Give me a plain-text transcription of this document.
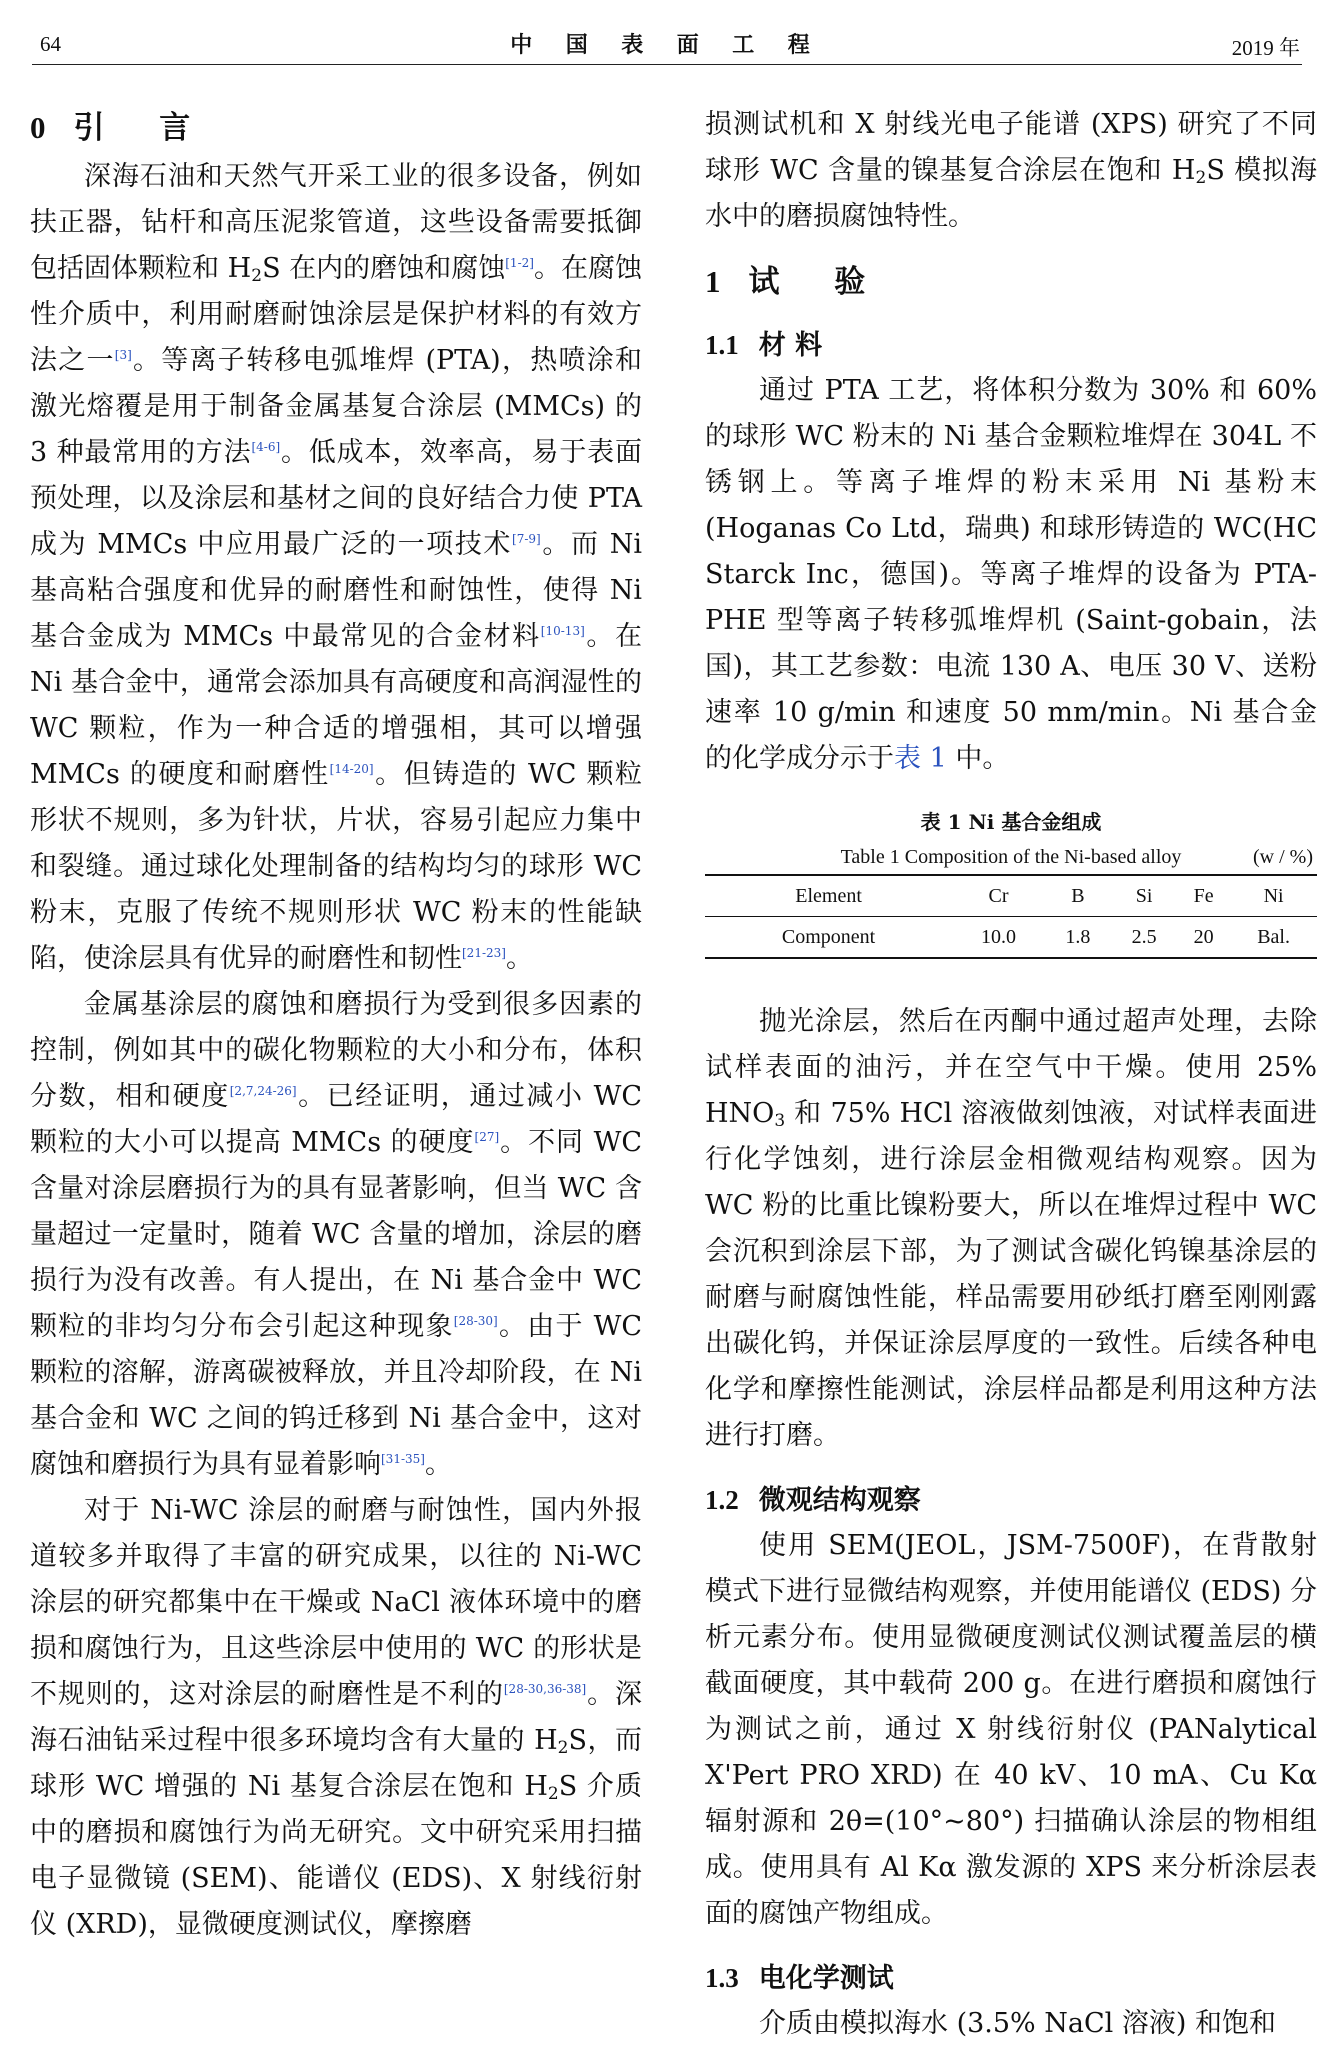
64	中 国 表 面 工 程	2019 年
0 引 言

深海石油和天然气开采工业的很多设备，例如扶正器，钻杆和高压泥浆管道，这些设备需要抵御包括固体颗粒和 $H_2S$ 在内的磨蚀和腐蚀[1-2]。在腐蚀性介质中，利用耐磨耐蚀涂层是保护材料的有效方法之一[3]。等离子转移电弧堆焊 (PTA)，热喷涂和激光熔覆是用于制备金属基复合涂层 (MMCs) 的 3 种最常用的方法[4-6]。低成本，效率高，易于表面预处理，以及涂层和基材之间的良好结合力使 PTA 成为 MMCs 中应用最广泛的一项技术[7-9]。而 Ni 基高粘合强度和优异的耐磨性和耐蚀性，使得 Ni 基合金成为 MMCs 中最常见的合金材料[10-13]。在 Ni 基合金中，通常会添加具有高硬度和高润湿性的 WC 颗粒，作为一种合适的增强相，其可以增强 MMCs 的硬度和耐磨性[14-20]。但铸造的 WC 颗粒形状不规则，多为针状，片状，容易引起应力集中和裂缝。通过球化处理制备的结构均匀的球形 WC 粉末，克服了传统不规则形状 WC 粉末的性能缺陷，使涂层具有优异的耐磨性和韧性[21-23]。

金属基涂层的腐蚀和磨损行为受到很多因素的控制，例如其中的碳化物颗粒的大小和分布，体积分数，相和硬度[2,7,24-26]。已经证明，通过减小 WC 颗粒的大小可以提高 MMCs 的硬度[27]。不同 WC 含量对涂层磨损行为的具有显著影响，但当 WC 含量超过一定量时，随着 WC 含量的增加，涂层的磨损行为没有改善。有人提出，在 Ni 基合金中 WC 颗粒的非均匀分布会引起这种现象[28-30]。由于 WC 颗粒的溶解，游离碳被释放，并且冷却阶段，在 Ni 基合金和 WC 之间的钨迁移到 Ni 基合金中，这对腐蚀和磨损行为具有显着影响[31-35]。

对于 Ni-WC 涂层的耐磨与耐蚀性，国内外报道较多并取得了丰富的研究成果，以往的 Ni-WC 涂层的研究都集中在干燥或 NaCl 液体环境中的磨损和腐蚀行为，且这些涂层中使用的 WC 的形状是不规则的，这对涂层的耐磨性是不利的[28-30,36-38]。深海石油钻采过程中很多环境均含有大量的 $H_2S$，而球形 WC 增强的 Ni 基复合涂层在饱和 $H_2S$ 介质中的磨损和腐蚀行为尚无研究。文中研究采用扫描电子显微镜 (SEM)、能谱仪 (EDS)、X 射线衍射仪 (XRD)，显微硬度测试仪，摩擦磨

损测试机和 X 射线光电子能谱 (XPS) 研究了不同球形 WC 含量的镍基复合涂层在饱和 $H_2S$ 模拟海水中的磨损腐蚀特性。

1 试 验
1.1 材 料

通过 PTA 工艺，将体积分数为 30% 和 60% 的球形 WC 粉末的 Ni 基合金颗粒堆焊在 304L 不锈钢上。等离子堆焊的粉末采用 Ni 基粉末 (Hoganas Co Ltd，瑞典) 和球形铸造的 WC(HC Starck Inc，德国)。等离子堆焊的设备为 PTA-PHE 型等离子转移弧堆焊机 (Saint-gobain，法国)，其工艺参数：电流 130 A、电压 30 V、送粉速率 10 g/min 和速度 50 mm/min。Ni 基合金的化学成分示于表 1 中。

表 1 Ni 基合金组成

Table 1 Composition of the Ni-based alloy	(w / %)
Element	Cr	B	Si	Fe	Ni
Component	10.0	1.8	2.5	20	Bal.

抛光涂层，然后在丙酮中通过超声处理，去除试样表面的油污，并在空气中干燥。使用 25% $HNO_3$ 和 75% HCl 溶液做刻蚀液，对试样表面进行化学蚀刻，进行涂层金相微观结构观察。因为 WC 粉的比重比镍粉要大，所以在堆焊过程中 WC 会沉积到涂层下部，为了测试含碳化钨镍基涂层的耐磨与耐腐蚀性能，样品需要用砂纸打磨至刚刚露出碳化钨，并保证涂层厚度的一致性。后续各种电化学和摩擦性能测试，涂层样品都是利用这种方法进行打磨。

1.2 微观结构观察

使用 SEM(JEOL，JSM-7500F)，在背散射模式下进行显微结构观察，并使用能谱仪 (EDS) 分析元素分布。使用显微硬度测试仪测试覆盖层的横截面硬度，其中载荷 200 g。在进行磨损和腐蚀行为测试之前，通过 X 射线衍射仪 (PANalytical X'Pert PRO XRD) 在 40 kV、10 mA、Cu Kα 辐射源和 2θ=(10°~80°) 扫描确认涂层的物相组成。使用具有 Al Kα 激发源的 XPS 来分析涂层表面的腐蚀产物组成。

1.3 电化学测试

介质由模拟海水 (3.5% NaCl 溶液) 和饱和
